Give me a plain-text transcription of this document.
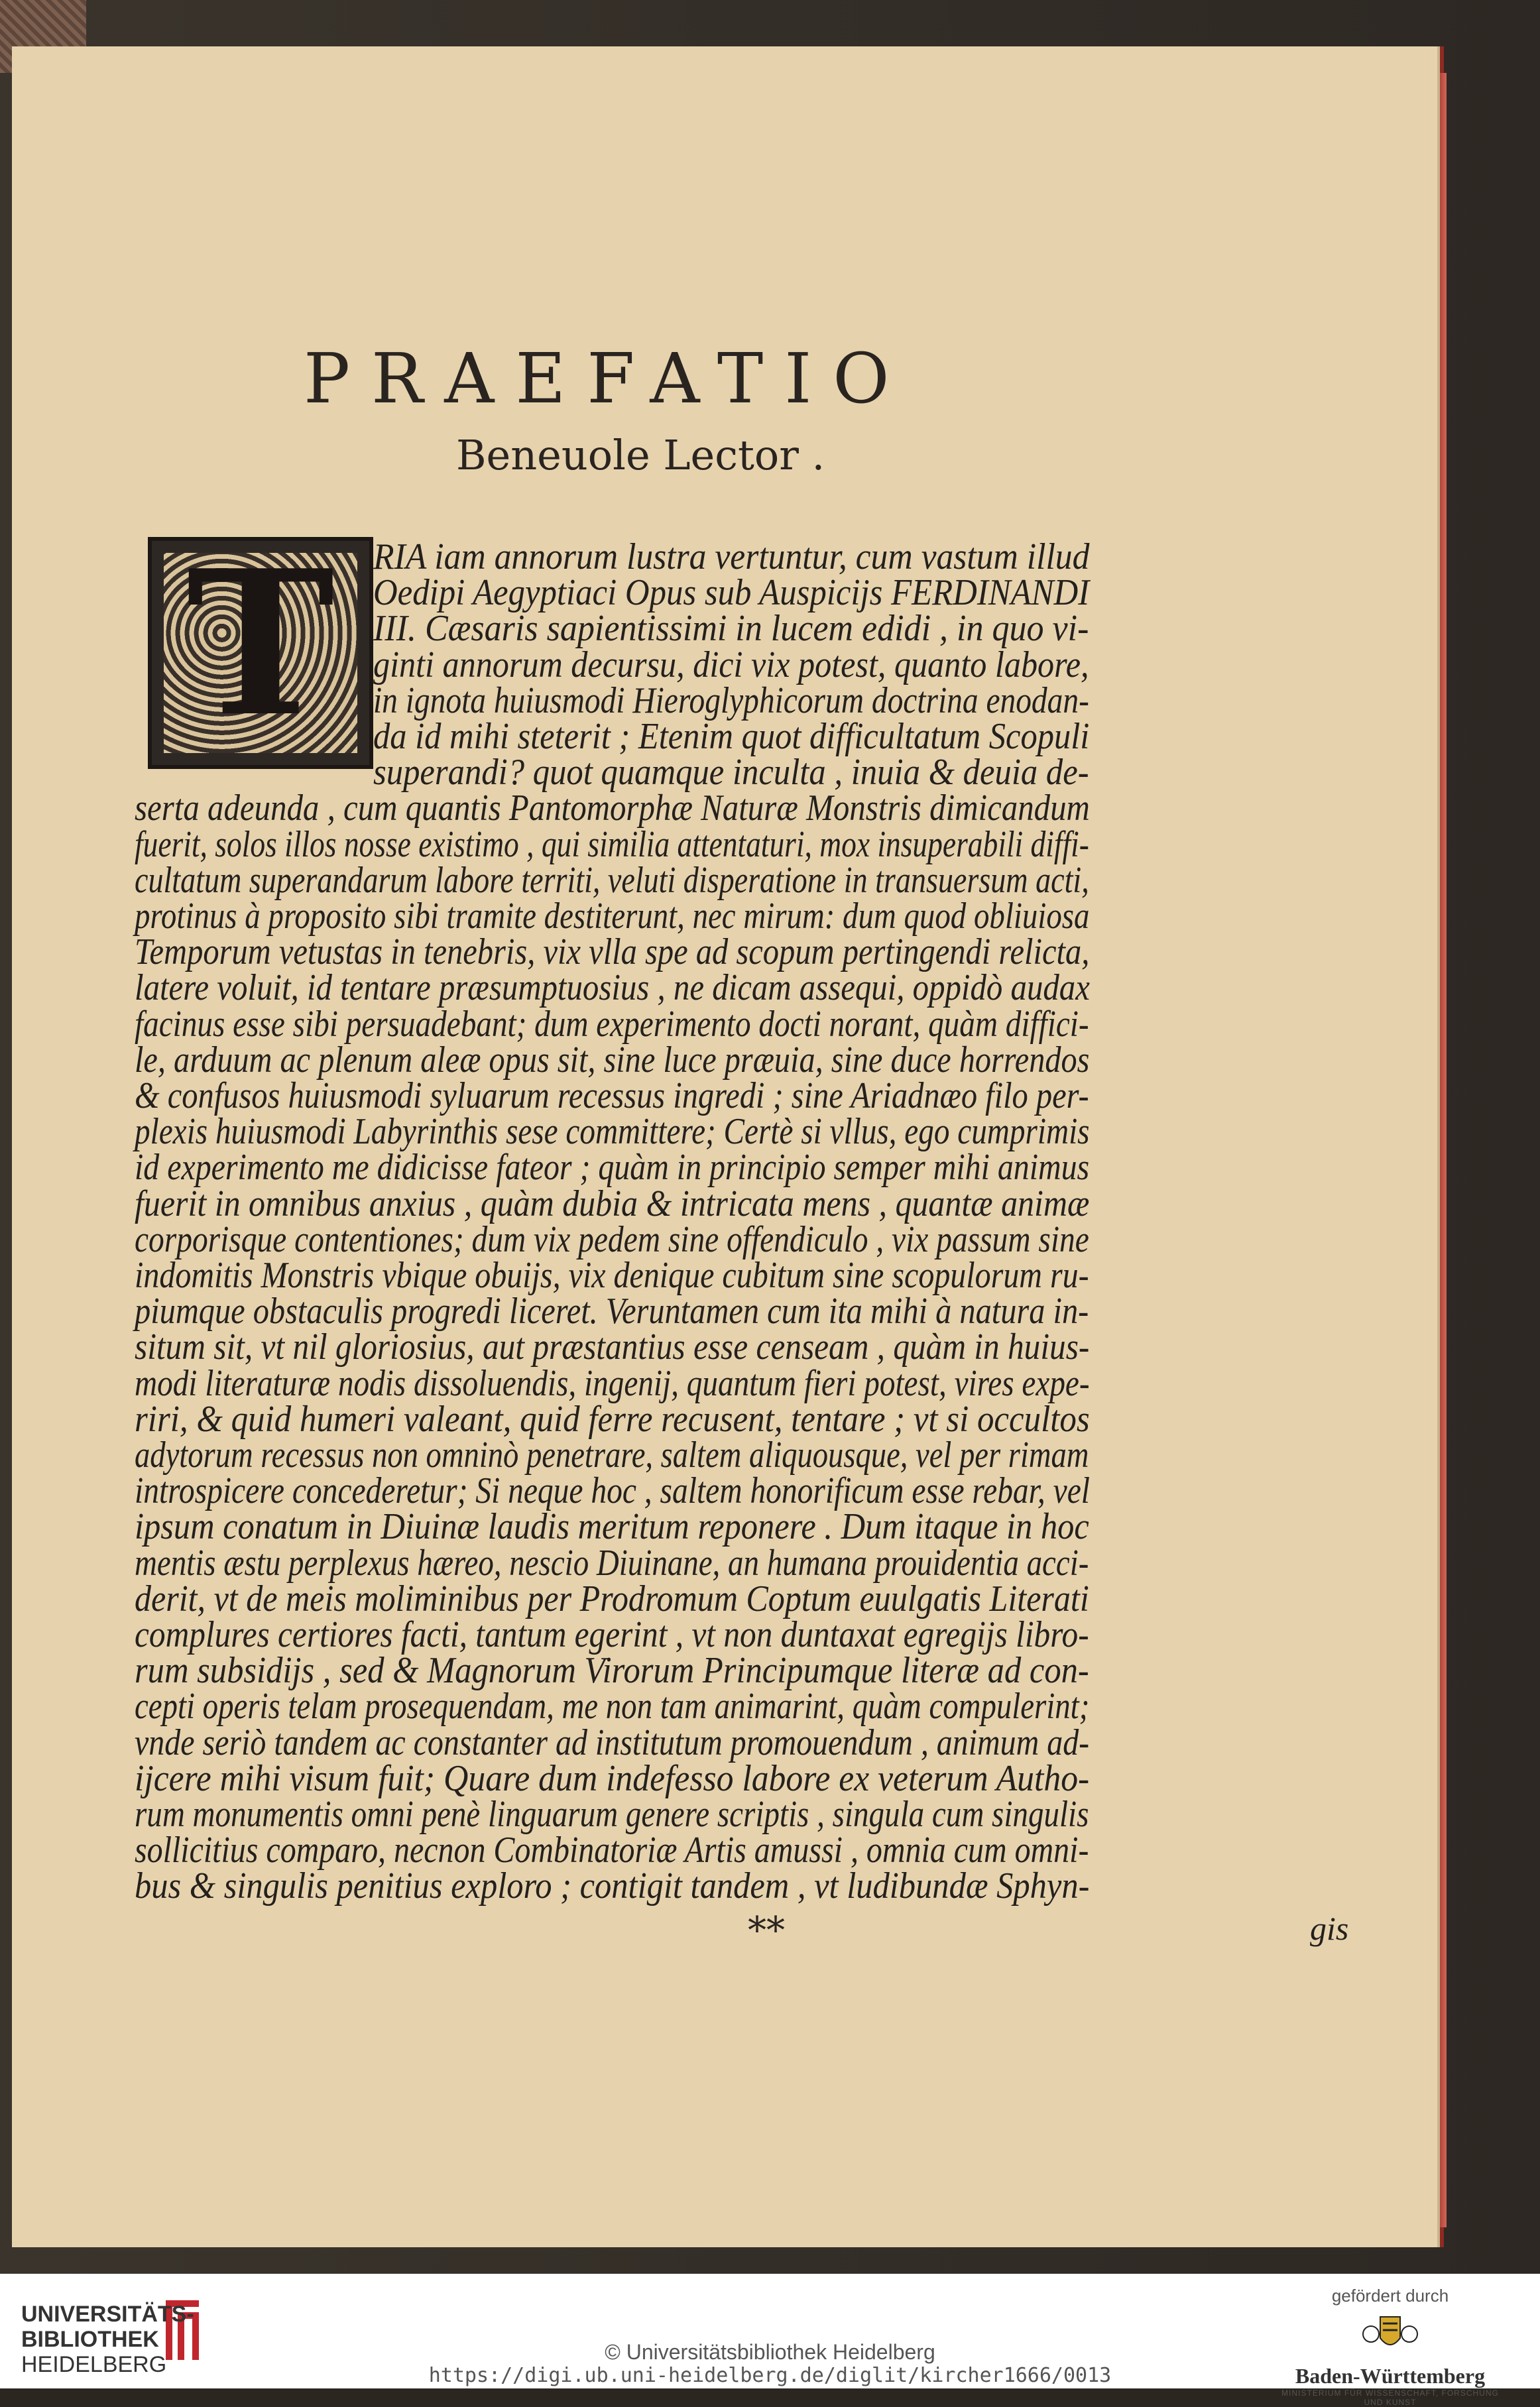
PRAEFATIO
Beneuole Lector .
T	RIA iam annorum lustra vertuntur, cum vastum illud
Oedipi Aegyptiaci Opus sub Auspicijs FERDINANDI
III. Cæsaris sapientissimi in lucem edidi , in quo vi-
ginti annorum decursu, dici vix potest, quanto labore,
in ignota huiusmodi Hieroglyphicorum doctrina enodan-
da id mihi steterit ; Etenim quot difficultatum Scopuli
superandi? quot quamque inculta , inuia & deuia de-
serta adeunda , cum quantis Pantomorphæ Naturæ Monstris dimicandum
fuerit, solos illos nosse existimo , qui similia attentaturi, mox insuperabili diffi-
cultatum superandarum labore territi, veluti disperatione in transuersum acti,
protinus à proposito sibi tramite destiterunt, nec mirum: dum quod obliuiosa
Temporum vetustas in tenebris, vix vlla spe ad scopum pertingendi relicta,
latere voluit, id tentare præsumptuosius , ne dicam assequi, oppidò audax
facinus esse sibi persuadebant; dum experimento docti norant, quàm diffici-
le, arduum ac plenum aleæ opus sit, sine luce præuia, sine duce horrendos
& confusos huiusmodi syluarum recessus ingredi ; sine Ariadnæo filo per-
plexis huiusmodi Labyrinthis sese committere; Certè si vllus, ego cumprimis
id experimento me didicisse fateor ; quàm in principio semper mihi animus
fuerit in omnibus anxius , quàm dubia & intricata mens , quantæ animæ
corporisque contentiones; dum vix pedem sine offendiculo , vix passum sine
indomitis Monstris vbique obuijs, vix denique cubitum sine scopulorum ru-
piumque obstaculis progredi liceret. Veruntamen cum ita mihi à natura in-
situm sit, vt nil gloriosius, aut præstantius esse censeam , quàm in huius-
modi literaturæ nodis dissoluendis, ingenij, quantum fieri potest, vires expe-
riri, & quid humeri valeant, quid ferre recusent, tentare ; vt si occultos
adytorum recessus non omninò penetrare, saltem aliquousque, vel per rimam
introspicere concederetur; Si neque hoc , saltem honorificum esse rebar, vel
ipsum conatum in Diuinæ laudis meritum reponere . Dum itaque in hoc
mentis æstu perplexus hæreo, nescio Diuinane, an humana prouidentia acci-
derit, vt de meis moliminibus per Prodromum Coptum euulgatis Literati
complures certiores facti, tantum egerint , vt non duntaxat egregijs libro-
rum subsidijs , sed & Magnorum Virorum Principumque literæ ad con-
cepti operis telam prosequendam, me non tam animarint, quàm compulerint;
vnde seriò tandem ac constanter ad institutum promouendum , animum ad-
ijcere mihi visum fuit; Quare dum indefesso labore ex veterum Autho-
rum monumentis omni penè linguarum genere scriptis , singula cum singulis
sollicitius comparo, necnon Combinatoriæ Artis amussi , omnia cum omni-
bus & singulis penitius exploro ; contigit tandem , vt ludibundæ Sphyn-
**	gis
UNIVERSITÄTS-
BIBLIOTHEK
HEIDELBERG	© Universitätsbibliothek Heidelberg
https://digi.ub.uni-heidelberg.de/diglit/kircher1666/0013
gefördert durch
Baden-Württemberg
MINISTERIUM FÜR WISSENSCHAFT, FORSCHUNG UND KUNST
